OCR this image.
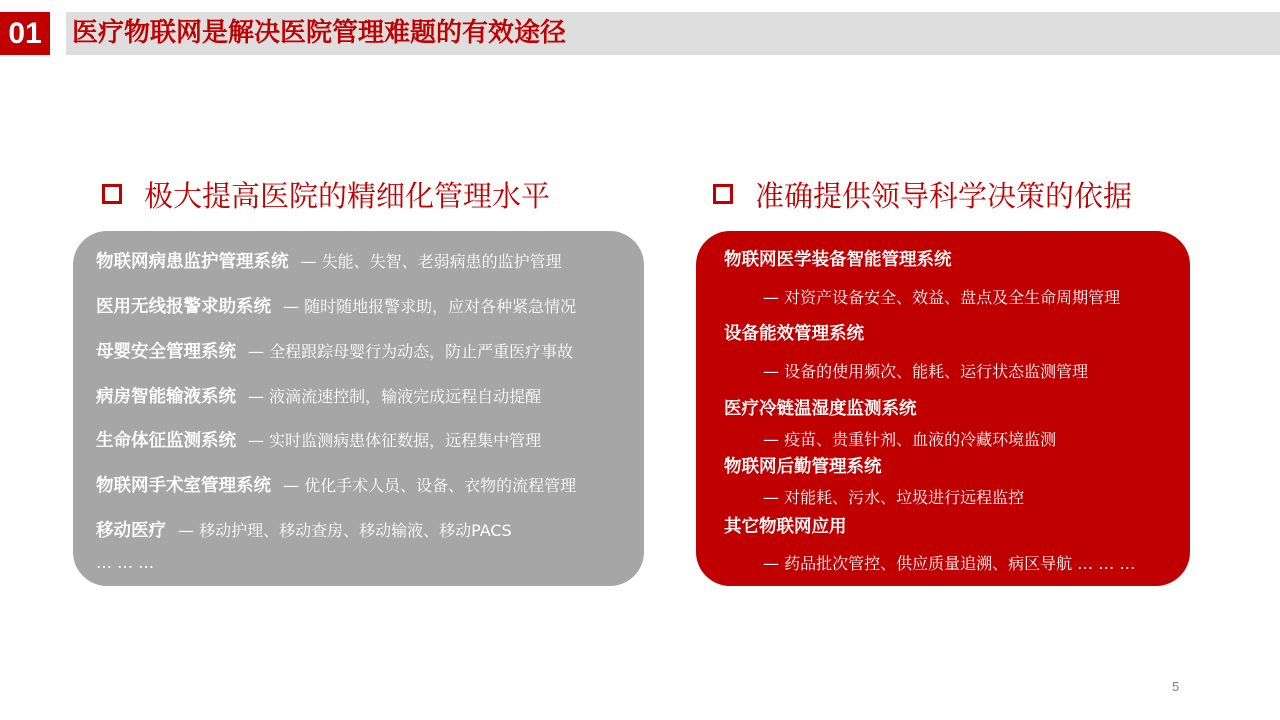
01	医疗物联网是解决医院管理难题的有效途径
极大提高医院的精细化管理水平	准确提供领导科学决策的依据
物联网病患监护管理系统 — 失能、失智、老弱病患的监护管理
医用无线报警求助系统 — 随时随地报警求助，应对各种紧急情况
母婴安全管理系统 — 全程跟踪母婴行为动态，防止严重医疗事故
病房智能输液系统 — 液滴流速控制，输液完成远程自动提醒
生命体征监测系统 — 实时监测病患体征数据，远程集中管理
物联网手术室管理系统 — 优化手术人员、设备、衣物的流程管理
移动医疗 — 移动护理、移动查房、移动输液、移动PACS
… … …
物联网医学装备智能管理系统
— 对资产设备安全、效益、盘点及全生命周期管理
设备能效管理系统
— 设备的使用频次、能耗、运行状态监测管理
医疗冷链温湿度监测系统
— 疫苗、贵重针剂、血液的冷藏环境监测
物联网后勤管理系统
— 对能耗、污水、垃圾进行远程监控
其它物联网应用
— 药品批次管控、供应质量追溯、病区导航 … … …
5
